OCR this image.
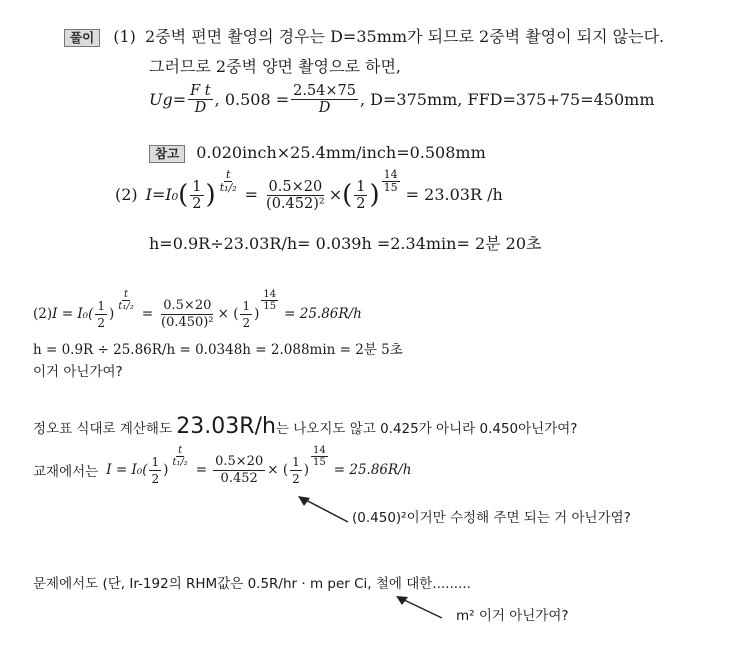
풀이 (1) 2중벽 편면 촬영의 경우는 D=35mm가 되므로 2중벽 촬영이 되지 않는다.
그러므로 2중벽 양면 촬영으로 하면,
$Ug= \frac{\text{F t}}{D}$ , $0.508 = \frac{2.54\times 75}{D}$ , D=375mm, FFD=375+75=450mm
참고 0.020inch×25.4mm/inch=0.508mm
(2) I=I₀ ( $\frac{1}{2}$ ) $\frac{t}{\text{t₁/₂}}$
= $\frac{0.5\times 20}{\text{(0.452)²}}$ × ( $\frac{1}{2}$ ) $\frac{14}{15}$
= 23.03R /h
h=0.9R÷23.03R/h= 0.039h =2.34min= 2분 20초
(2) $I = I_0( \frac{1}{2}$ )
$\frac{t}{\text{t₁/₂}}$
= $\frac{0.5\times 20}{\text{(0.450)²}}$ × ( $\frac{1}{2}$ )
$\frac{14}{15}$
= 25.86R/h
h = 0.9R ÷ 25.86R/h = 0.0348h = 2.088min = 2분 5초
이거 아닌가여?
정오표 식대로 계산해도 23.03R/h는 나오지도 않고 0.425가 아니라 0.450아닌가여?
교재에서는 $I = I_0( \frac{1}{2}$ )
$\frac{t}{\text{t₁/₂}}$
= $\frac{0.5\times 20}{0.452}$ × ( $\frac{1}{2}$ )
$\frac{14}{15}$
= 25.86R/h
(0.450)²이거만 수정해 주면 되는 거 아닌가염?
문제에서도 (단, Ir-192의 RHM값은 0.5R/hr · m per Ci, 철에 대한.........
m² 이거 아닌가여?
